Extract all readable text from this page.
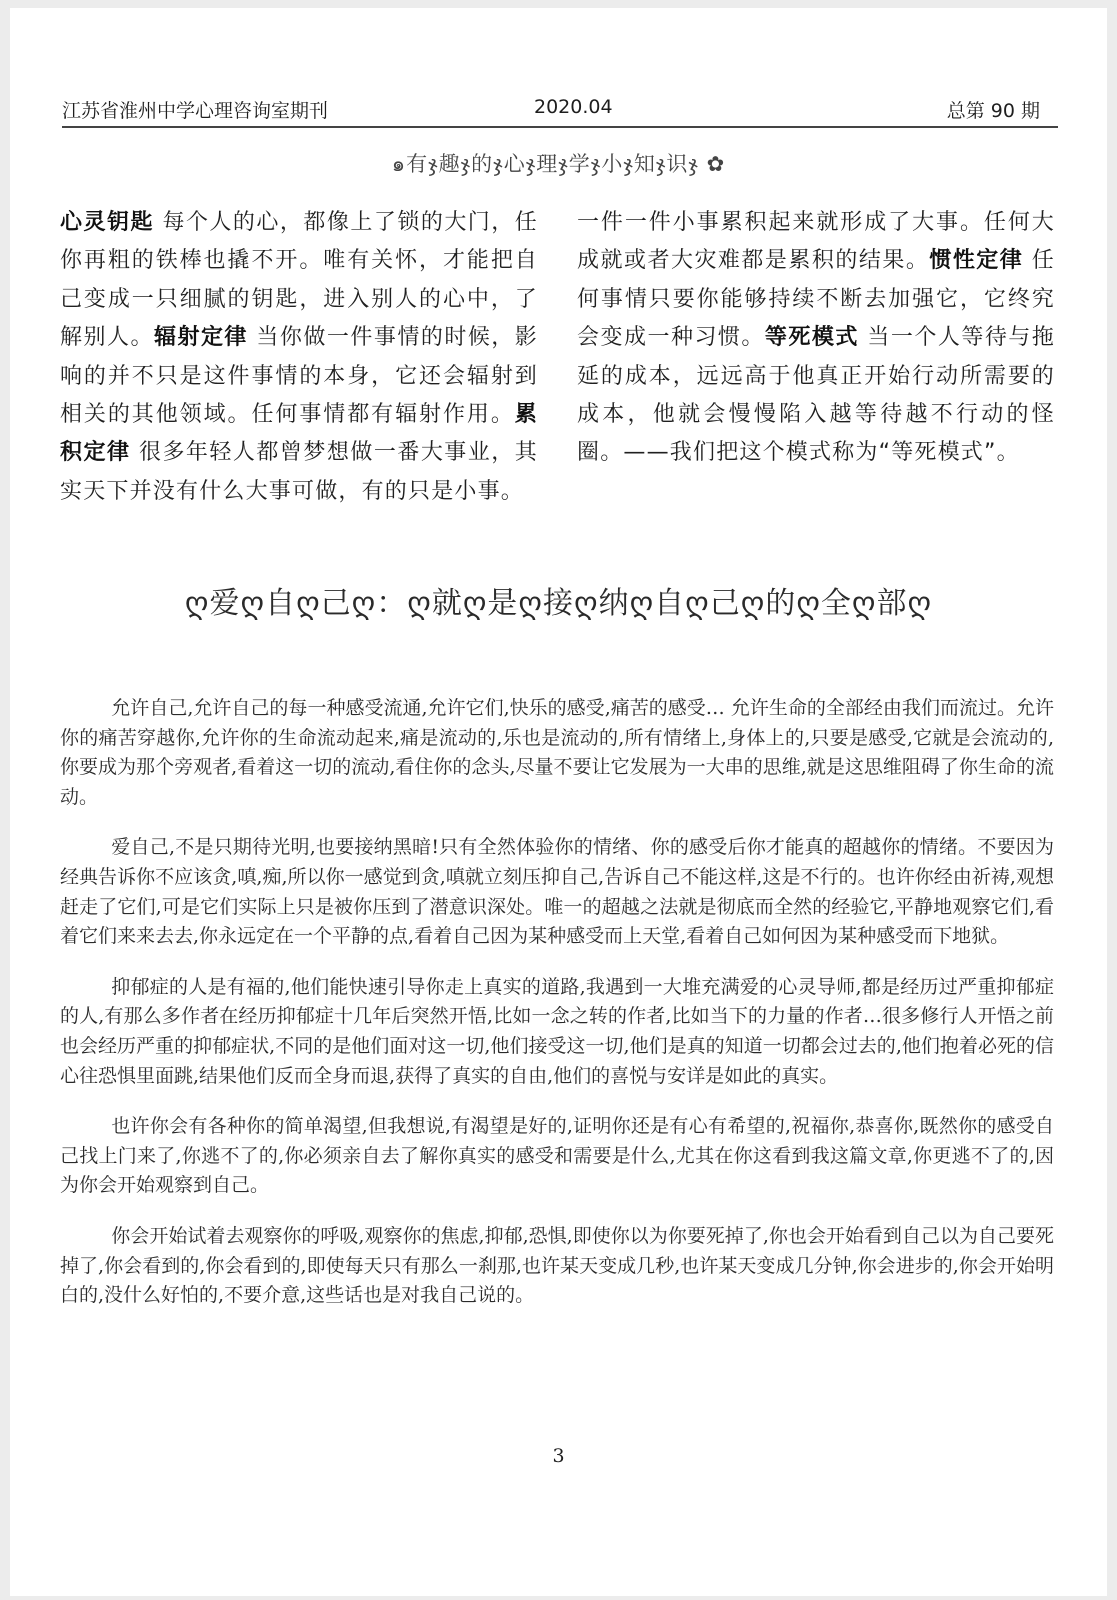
江苏省淮州中学心理咨询室期刊	2020.04	总第 90 期
๑有ჯ趣ჯ的ჯ心ჯ理ჯ学ჯ小ჯ知ჯ识ჯ ✿
心灵钥匙 每个人的心，都像上了锁的大门，任你再粗的铁棒也撬不开。唯有关怀，才能把自己变成一只细腻的钥匙，进入别人的心中，了解别人。辐射定律 当你做一件事情的时候，影响的并不只是这件事情的本身，它还会辐射到相关的其他领域。任何事情都有辐射作用。累积定律 很多年轻人都曾梦想做一番大事业，其实天下并没有什么大事可做，有的只是小事。
一件一件小事累积起来就形成了大事。任何大成就或者大灾难都是累积的结果。惯性定律 任何事情只要你能够持续不断去加强它，它终究会变成一种习惯。等死模式 当一个人等待与拖延的成本，远远高于他真正开始行动所需要的成本，他就会慢慢陷入越等待越不行动的怪圈。——我们把这个模式称为“等死模式”。
ღ爱ღ自ღ己ღ：ღ就ღ是ღ接ღ纳ღ自ღ己ღ的ღ全ღ部ღ

允许自己,允许自己的每一种感受流通,允许它们,快乐的感受,痛苦的感受… 允许生命的全部经由我们而流过。允许你的痛苦穿越你,允许你的生命流动起来,痛是流动的,乐也是流动的,所有情绪上,身体上的,只要是感受,它就是会流动的,你要成为那个旁观者,看着这一切的流动,看住你的念头,尽量不要让它发展为一大串的思维,就是这思维阻碍了你生命的流动。

爱自己,不是只期待光明,也要接纳黑暗!只有全然体验你的情绪、你的感受后你才能真的超越你的情绪。不要因为经典告诉你不应该贪,嗔,痴,所以你一感觉到贪,嗔就立刻压抑自己,告诉自己不能这样,这是不行的。也许你经由祈祷,观想赶走了它们,可是它们实际上只是被你压到了潜意识深处。唯一的超越之法就是彻底而全然的经验它,平静地观察它们,看着它们来来去去,你永远定在一个平静的点,看着自己因为某种感受而上天堂,看着自己如何因为某种感受而下地狱。

抑郁症的人是有福的,他们能快速引导你走上真实的道路,我遇到一大堆充满爱的心灵导师,都是经历过严重抑郁症的人,有那么多作者在经历抑郁症十几年后突然开悟,比如一念之转的作者,比如当下的力量的作者…很多修行人开悟之前也会经历严重的抑郁症状,不同的是他们面对这一切,他们接受这一切,他们是真的知道一切都会过去的,他们抱着必死的信心往恐惧里面跳,结果他们反而全身而退,获得了真实的自由,他们的喜悦与安详是如此的真实。

也许你会有各种你的简单渴望,但我想说,有渴望是好的,证明你还是有心有希望的,祝福你,恭喜你,既然你的感受自己找上门来了,你逃不了的,你必须亲自去了解你真实的感受和需要是什么,尤其在你这看到我这篇文章,你更逃不了的,因为你会开始观察到自己。

你会开始试着去观察你的呼吸,观察你的焦虑,抑郁,恐惧,即使你以为你要死掉了,你也会开始看到自己以为自己要死掉了,你会看到的,你会看到的,即使每天只有那么一刹那,也许某天变成几秒,也许某天变成几分钟,你会进步的,你会开始明白的,没什么好怕的,不要介意,这些话也是对我自己说的。

3
